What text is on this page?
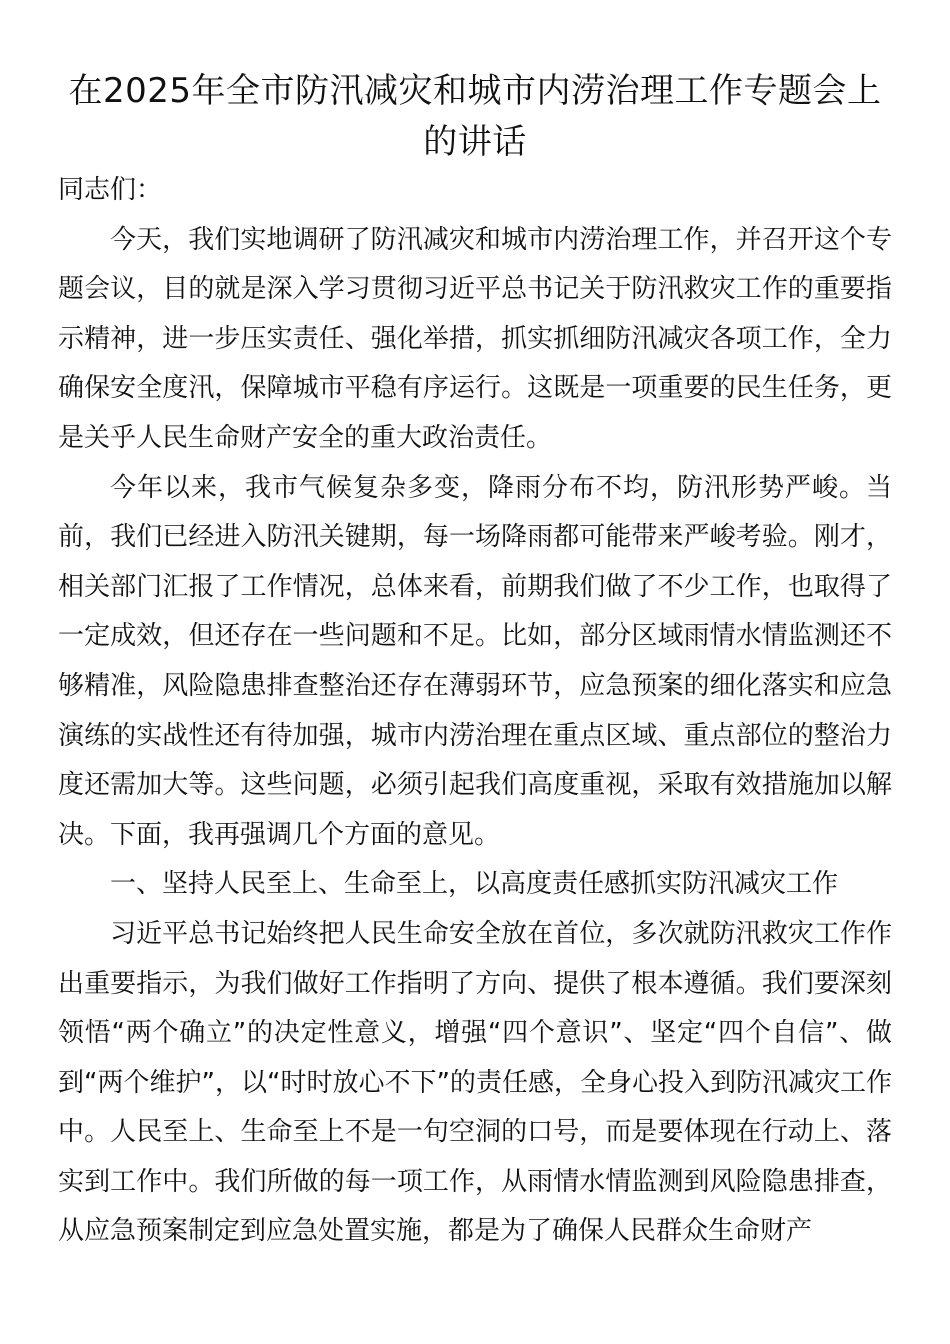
在2025年全市防汛减灾和城市内涝治理工作专题会上的讲话

同志们：

今天，我们实地调研了防汛减灾和城市内涝治理工作，并召开这个专题会议，目的就是深入学习贯彻习近平总书记关于防汛救灾工作的重要指示精神，进一步压实责任、强化举措，抓实抓细防汛减灾各项工作，全力确保安全度汛，保障城市平稳有序运行。这既是一项重要的民生任务，更是关乎人民生命财产安全的重大政治责任。

今年以来，我市气候复杂多变，降雨分布不均，防汛形势严峻。当前，我们已经进入防汛关键期，每一场降雨都可能带来严峻考验。刚才，相关部门汇报了工作情况，总体来看，前期我们做了不少工作，也取得了一定成效，但还存在一些问题和不足。比如，部分区域雨情水情监测还不够精准，风险隐患排查整治还存在薄弱环节，应急预案的细化落实和应急演练的实战性还有待加强，城市内涝治理在重点区域、重点部位的整治力度还需加大等。这些问题，必须引起我们高度重视，采取有效措施加以解决。下面，我再强调几个方面的意见。

一、坚持人民至上、生命至上，以高度责任感抓实防汛减灾工作

习近平总书记始终把人民生命安全放在首位，多次就防汛救灾工作作出重要指示，为我们做好工作指明了方向、提供了根本遵循。我们要深刻领悟“两个确立”的决定性意义，增强“四个意识”、坚定“四个自信”、做到“两个维护”，以“时时放心不下”的责任感，全身心投入到防汛减灾工作中。人民至上、生命至上不是一句空洞的口号，而是要体现在行动上、落实到工作中。我们所做的每一项工作，从雨情水情监测到风险隐患排查，从应急预案制定到应急处置实施，都是为了确保人民群众生命财产
